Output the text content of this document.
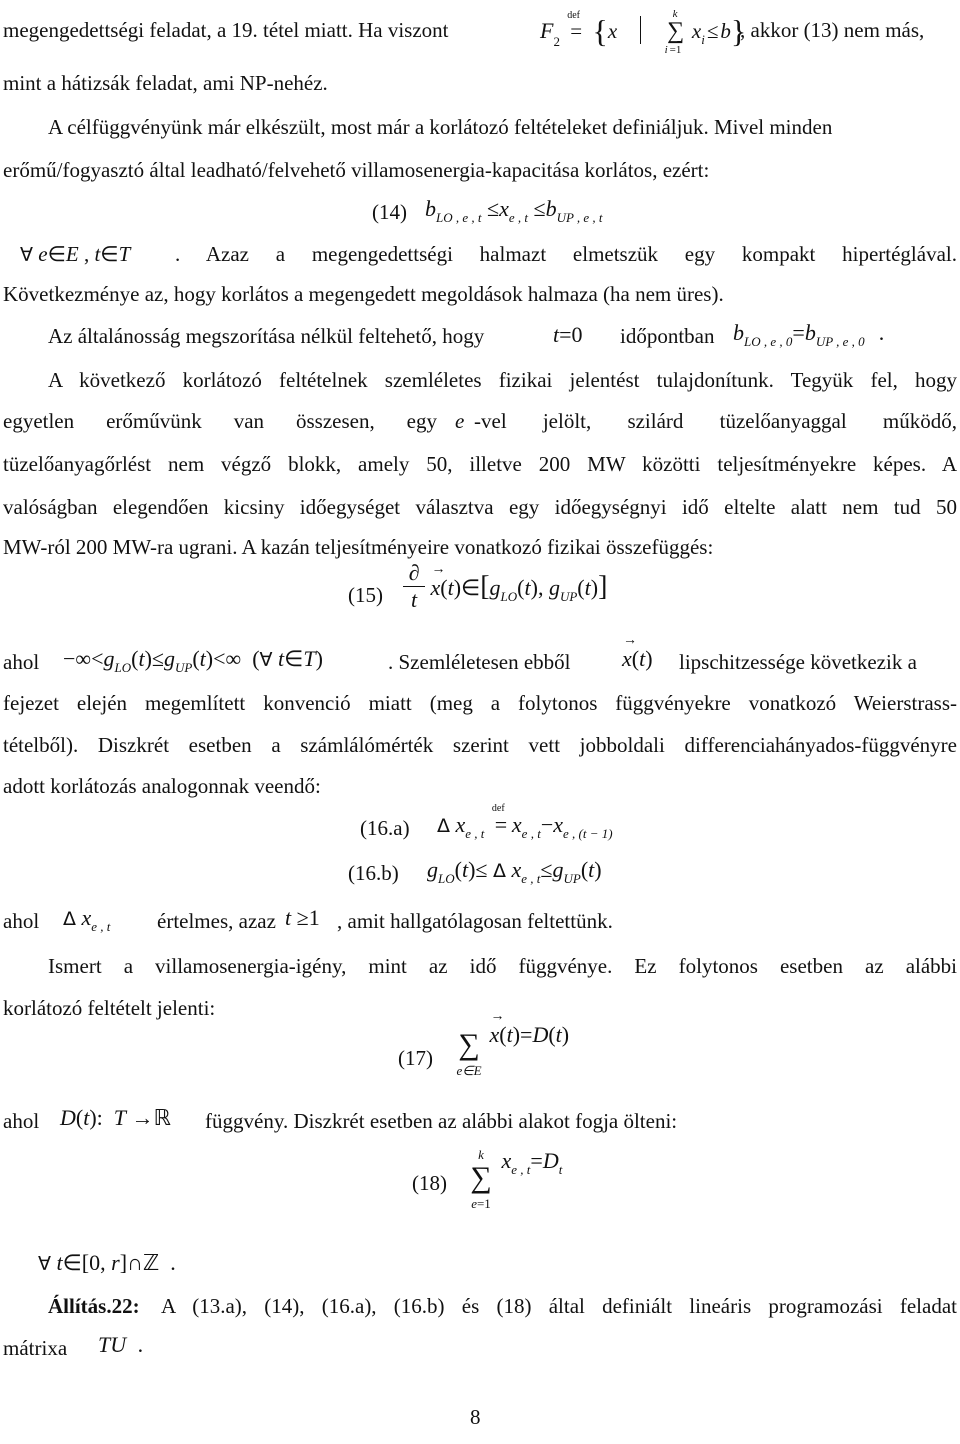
megengedettségi feladat, a 19. tétel miatt. Ha viszont	$F_2$
def
= {x
k
∑
i =1
$x_i\le b$}
, akkor (13) nem más,
mint a hátizsák feladat, ami NP-nehéz.
A célfüggvényünk már elkészült, most már a korlátozó feltételeket definiáljuk. Mivel minden
erőmű/fogyasztó által leadható/felvehető villamosenergia-kapacitása korlátos, ezért:
(14) $b_{LO , e , t} \le x_{e , t} \le b_{UP , e , t}$
∀ e∈E , t∈T . Azaz a megengedettségi halmazt elmetszük egy kompakt hipertéglával.
Következménye az, hogy korlátos a megengedett megoldások halmaza (ha nem üres).
Az általánosság megszorítása nélkül feltehető, hogy	t=0 időpontban $b_{LO , e , 0}=b_{UP , e , 0}$ .
A következő korlátozó feltételnek szemléletes fizikai jelentést tulajdonítunk. Tegyük fel, hogy
egyetlen erőművünk van összesen, egy e -vel jelölt, szilárd tüzelőanyaggal működő,
tüzelőanyagőrlést nem végző blokk, amely 50, illetve 200 MW közötti teljesítményekre képes. A
valóságban elegendően kicsiny időegységet választva egy időegységnyi idő eltelte alatt nem tud 50
MW-ról 200 MW-ra ugrani. A kazán teljesítményeire vonatkozó fizikai összefüggés:
(15)
∂
t x
→
$(t)\in[g_{LO}(t)$, $g_{UP}(t)$]
ahol $-\infty<g_{LO}(t)\le g_{UP}(t)<\infty$  (∀ t∈T)	. Szemléletesen ebből x
→
(t) lipschitzessége következik a
fejezet elején megemlített konvenció miatt (meg a folytonos függvényekre vonatkozó Weierstrass-
tételből). Diszkrét esetben a számlálómérték szerint vett jobboldali differenciahányados-függvényre
adott korlátozás analogonnak veendő:
(16.a) Δ $x_{e , t}$
def
= $x_{e , t}-x_{e , (t - 1)}$
(16.b) $g_{LO}(t)\le \Delta$ $x_{e , t}\le g_{UP}(t)$
ahol Δ $x_{e , t}$ értelmes, azaz t ≥1 , amit hallgatólagosan feltettünk.
Ismert a villamosenergia-igény, mint az idő függvénye. Ez folytonos esetben az alábbi
korlátozó feltételt jelenti:
(17) ∑
e∈E
x
→
(t)=D(t)
ahol D(t):  T →ℝ függvény. Diszkrét esetben az alábbi alakot fogja ölteni:
(18)
k
∑
e=1
$x_{e , t}=D_t$
∀ t∈[0, r]∩ℤ  .
Állítás.22: A (13.a), (14), (16.a), (16.b) és (18) által definiált lineáris programozási feladat
mátrixa TU .
8
